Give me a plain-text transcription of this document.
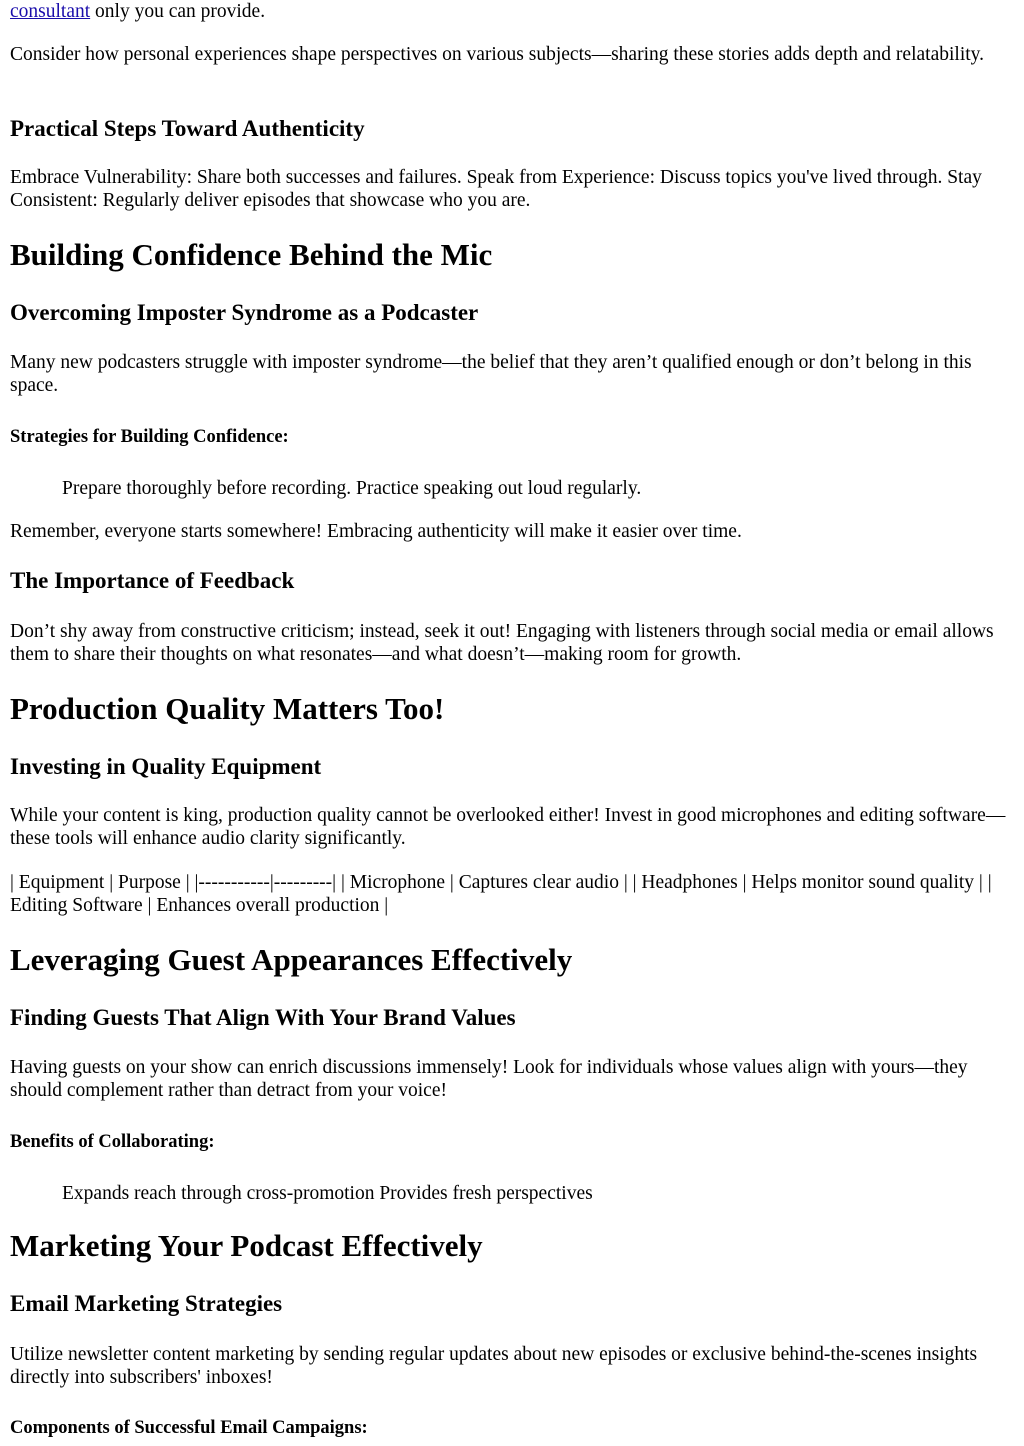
consultant only you can provide.

Consider how personal experiences shape perspectives on various subjects—sharing these stories adds depth and relatability.

Practical Steps Toward Authenticity

Embrace Vulnerability: Share both successes and failures. Speak from Experience: Discuss topics you've lived through. Stay Consistent: Regularly deliver episodes that showcase who you are.

Building Confidence Behind the Mic
Overcoming Imposter Syndrome as a Podcaster

Many new podcasters struggle with imposter syndrome—the belief that they aren’t qualified enough or don’t belong in this space.

Strategies for Building Confidence:

Prepare thoroughly before recording. Practice speaking out loud regularly.

Remember, everyone starts somewhere! Embracing authenticity will make it easier over time.

The Importance of Feedback

Don’t shy away from constructive criticism; instead, seek it out! Engaging with listeners through social media or email allows them to share their thoughts on what resonates—and what doesn’t—making room for growth.

Production Quality Matters Too!
Investing in Quality Equipment

While your content is king, production quality cannot be overlooked either! Invest in good microphones and editing software—these tools will enhance audio clarity significantly.

| Equipment | Purpose | |-----------|---------| | Microphone | Captures clear audio | | Headphones | Helps monitor sound quality | | Editing Software | Enhances overall production |

Leveraging Guest Appearances Effectively
Finding Guests That Align With Your Brand Values

Having guests on your show can enrich discussions immensely! Look for individuals whose values align with yours—they should complement rather than detract from your voice!

Benefits of Collaborating:

Expands reach through cross-promotion Provides fresh perspectives

Marketing Your Podcast Effectively
Email Marketing Strategies

Utilize newsletter content marketing by sending regular updates about new episodes or exclusive behind-the-scenes insights directly into subscribers' inboxes!

Components of Successful Email Campaigns:
